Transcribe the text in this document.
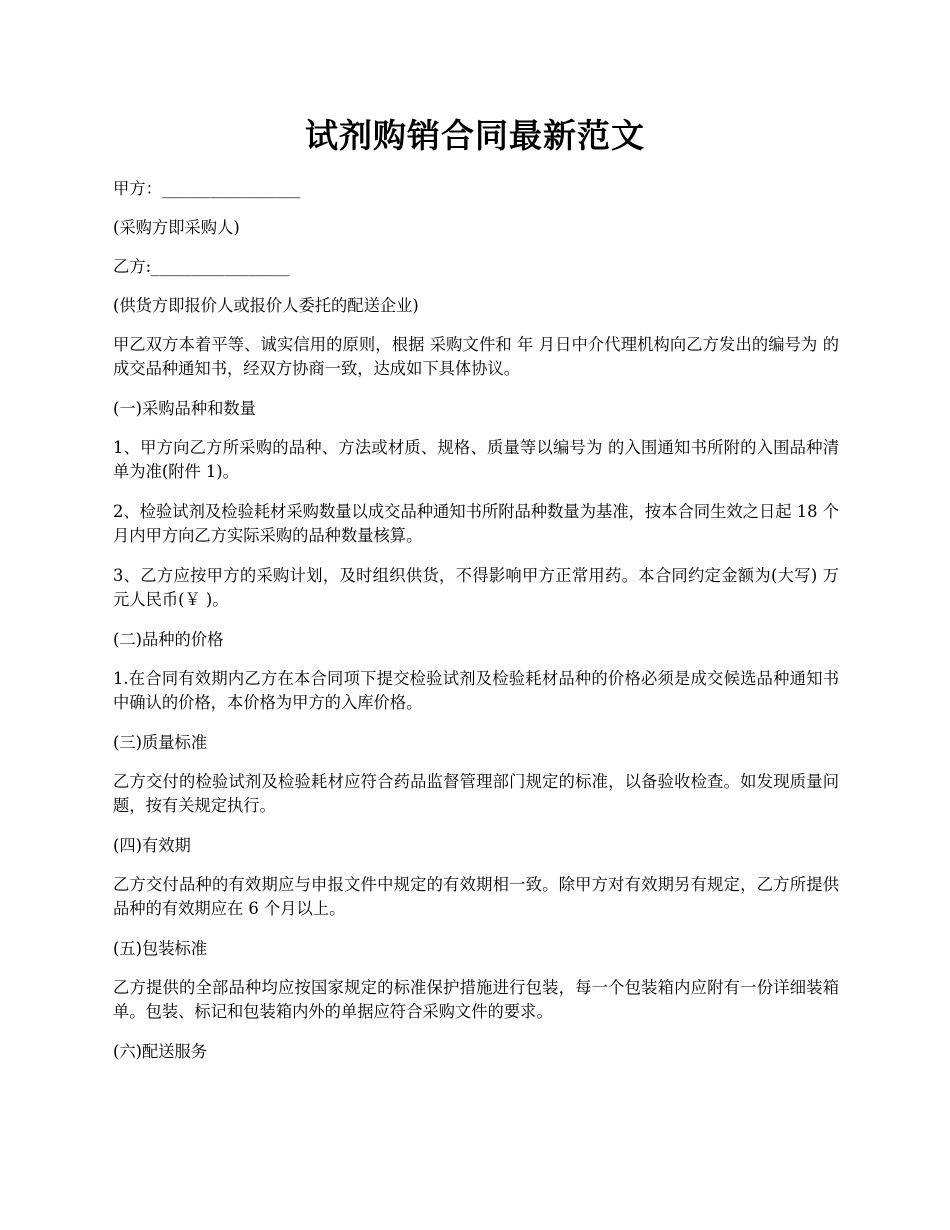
试剂购销合同最新范文

甲方：_________________

(采购方即采购人)

乙方:_________________

(供货方即报价人或报价人委托的配送企业)

甲乙双方本着平等、诚实信用的原则，根据 采购文件和 年 月日中介代理机构向乙方发出的编号为 的成交品种通知书，经双方协商一致，达成如下具体协议。

(一)采购品种和数量

1、甲方向乙方所采购的品种、方法或材质、规格、质量等以编号为 的入围通知书所附的入围品种清单为准(附件 1)。

2、检验试剂及检验耗材采购数量以成交品种通知书所附品种数量为基准，按本合同生效之日起 18 个月内甲方向乙方实际采购的品种数量核算。

3、乙方应按甲方的采购计划，及时组织供货，不得影响甲方正常用药。本合同约定金额为(大写) 万元人民币(￥ )。

(二)品种的价格

1.在合同有效期内乙方在本合同项下提交检验试剂及检验耗材品种的价格必须是成交候选品种通知书中确认的价格，本价格为甲方的入库价格。

(三)质量标准

乙方交付的检验试剂及检验耗材应符合药品监督管理部门规定的标准，以备验收检查。如发现质量问题，按有关规定执行。

(四)有效期

乙方交付品种的有效期应与申报文件中规定的有效期相一致。除甲方对有效期另有规定，乙方所提供品种的有效期应在 6 个月以上。

(五)包装标准

乙方提供的全部品种均应按国家规定的标准保护措施进行包装，每一个包装箱内应附有一份详细装箱单。包装、标记和包装箱内外的单据应符合采购文件的要求。

(六)配送服务
